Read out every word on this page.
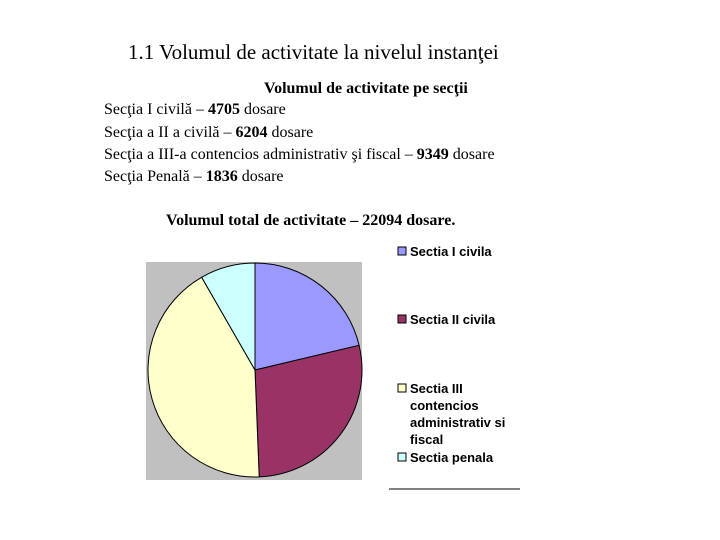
1.1 Volumul de activitate la nivelul instanţei
Volumul de activitate pe secţii
Secţia I civilă – 4705 dosare
Secţia a II a civilă – 6204 dosare
Secţia a III-a contencios administrativ şi fiscal – 9349 dosare
Secţia Penală – 1836 dosare
Volumul total de activitate – 22094 dosare.
Sectia I civila
Sectia II civila
Sectia III
contencios
administrativ si
fiscal
Sectia penala
